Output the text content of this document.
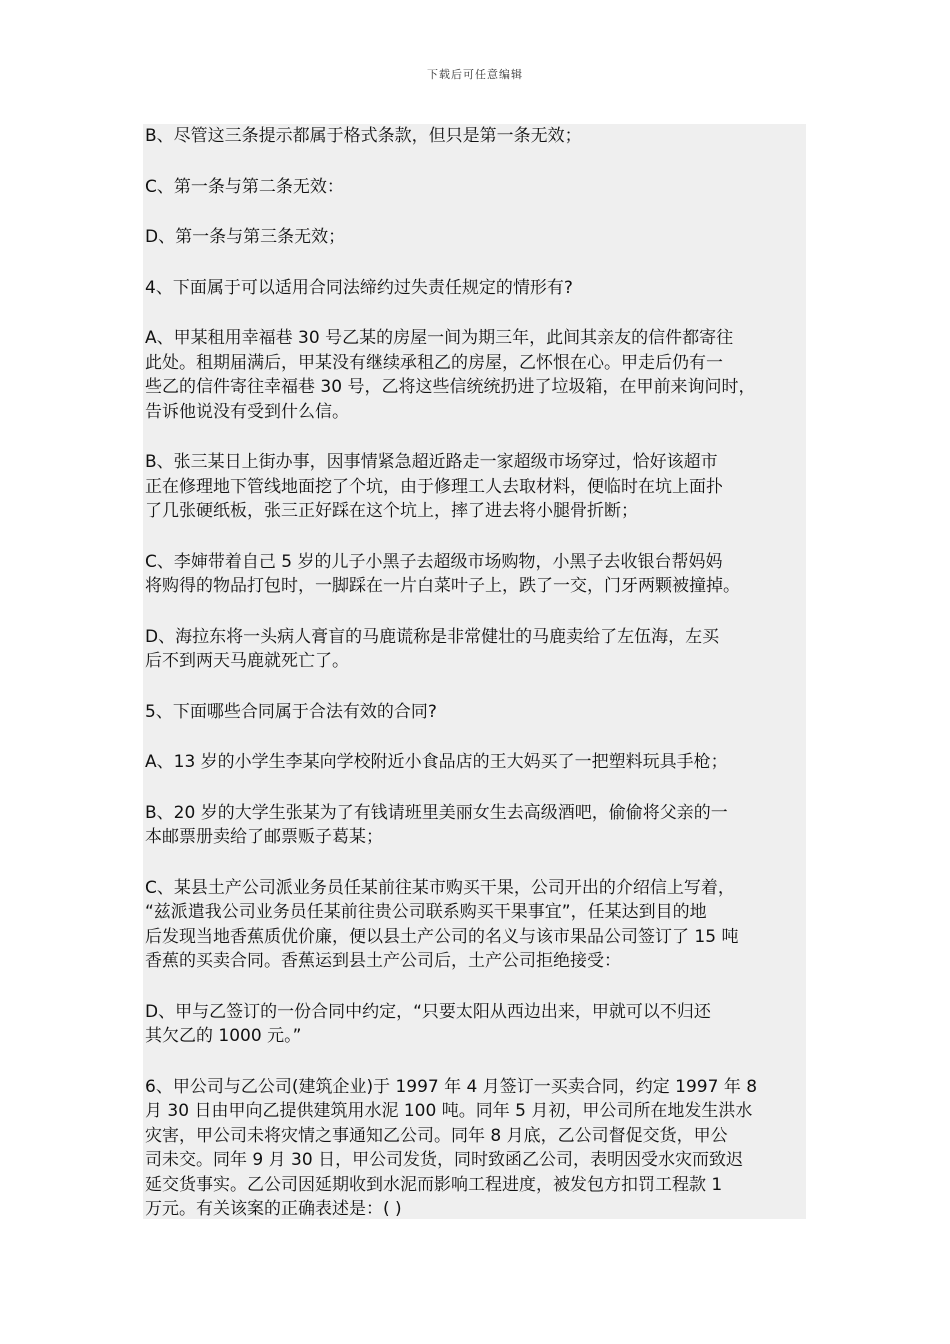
下载后可任意编辑

B、尽管这三条提示都属于格式条款，但只是第一条无效；

C、第一条与第二条无效：

D、第一条与第三条无效；

4、下面属于可以适用合同法缔约过失责任规定的情形有?

A、甲某租用幸福巷 30 号乙某的房屋一间为期三年，此间其亲友的信件都寄往
此处。租期届满后，甲某没有继续承租乙的房屋，乙怀恨在心。甲走后仍有一
些乙的信件寄往幸福巷 30 号，乙将这些信统统扔进了垃圾箱，在甲前来询问时，
告诉他说没有受到什么信。

B、张三某日上街办事，因事情紧急超近路走一家超级市场穿过，恰好该超市
正在修理地下管线地面挖了个坑，由于修理工人去取材料，便临时在坑上面扑
了几张硬纸板，张三正好踩在这个坑上，摔了进去将小腿骨折断；

C、李婶带着自己 5 岁的儿子小黑子去超级市场购物，小黑子去收银台帮妈妈
将购得的物品打包时，一脚踩在一片白菜叶子上，跌了一交，门牙两颗被撞掉。

D、海拉东将一头病人膏盲的马鹿谎称是非常健壮的马鹿卖给了左伍海，左买
后不到两天马鹿就死亡了。

5、下面哪些合同属于合法有效的合同?

A、13 岁的小学生李某向学校附近小食品店的王大妈买了一把塑料玩具手枪；

B、20 岁的大学生张某为了有钱请班里美丽女生去高级酒吧，偷偷将父亲的一
本邮票册卖给了邮票贩子葛某；

C、某县土产公司派业务员任某前往某市购买干果，公司开出的介绍信上写着，
“兹派遣我公司业务员任某前往贵公司联系购买干果事宜”，任某达到目的地
后发现当地香蕉质优价廉，便以县土产公司的名义与该市果品公司签订了 15 吨
香蕉的买卖合同。香蕉运到县土产公司后，土产公司拒绝接受：

D、甲与乙签订的一份合同中约定，“只要太阳从西边出来，甲就可以不归还
其欠乙的 1000 元。”

6、甲公司与乙公司(建筑企业)于 1997 年 4 月签订一买卖合同，约定 1997 年 8
月 30 日由甲向乙提供建筑用水泥 100 吨。同年 5 月初，甲公司所在地发生洪水
灾害，甲公司未将灾情之事通知乙公司。同年 8 月底，乙公司督促交货，甲公
司未交。同年 9 月 30 日，甲公司发货，同时致函乙公司，表明因受水灾而致迟
延交货事实。乙公司因延期收到水泥而影响工程进度，被发包方扣罚工程款 1
万元。有关该案的正确表述是：( )
